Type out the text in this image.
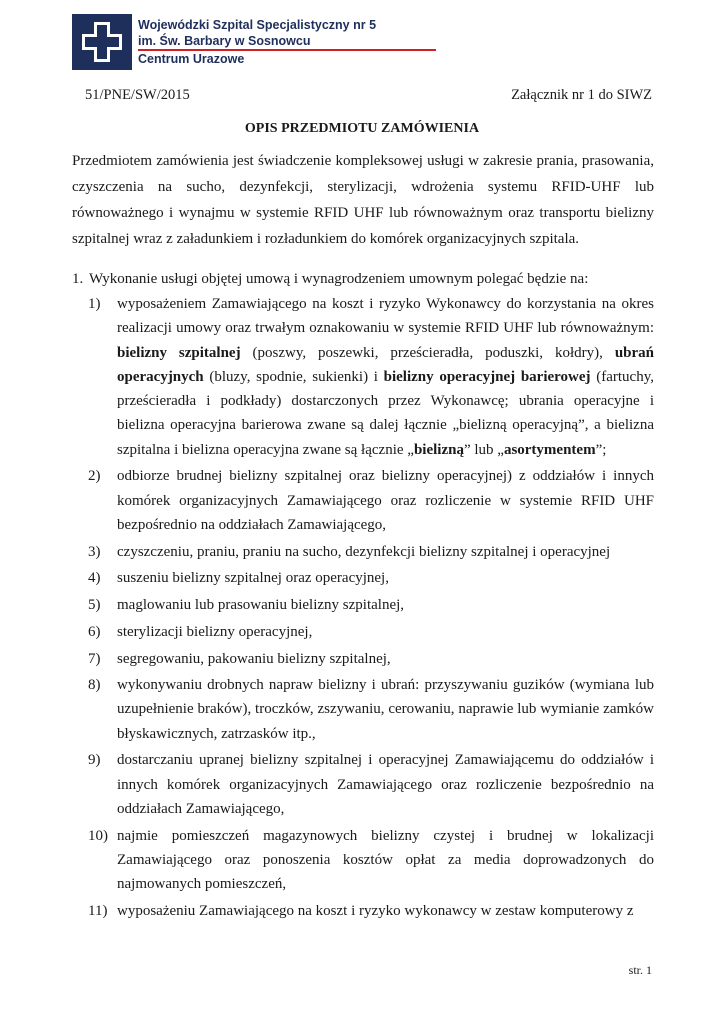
Wojewódzki Szpital Specjalistyczny nr 5
im. Św. Barbary w Sosnowcu
Centrum Urazowe
51/PNE/SW/2015	Załącznik nr 1 do SIWZ
OPIS PRZEDMIOTU ZAMÓWIENIA
Przedmiotem zamówienia jest świadczenie kompleksowej usługi w zakresie prania, prasowania, czyszczenia na sucho, dezynfekcji, sterylizacji, wdrożenia systemu RFID-UHF lub równoważnego i wynajmu w systemie RFID UHF lub równoważnym oraz transportu bielizny szpitalnej wraz z załadunkiem i rozładunkiem do komórek organizacyjnych szpitala.
1. Wykonanie usługi objętej umową i wynagrodzeniem umownym polegać będzie na:
1) wyposażeniem Zamawiającego na koszt i ryzyko Wykonawcy do korzystania na okres realizacji umowy oraz trwałym oznakowaniu w systemie RFID UHF lub równoważnym: bielizny szpitalnej (poszwy, poszewki, prześcieradła, poduszki, kołdry), ubrań operacyjnych (bluzy, spodnie, sukienki) i bielizny operacyjnej barierowej (fartuchy, prześcieradła i podkłady) dostarczonych przez Wykonawcę; ubrania operacyjne i bielizna operacyjna barierowa zwane są dalej łącznie „bielizną operacyjną”, a bielizna szpitalna i bielizna operacyjna zwane są łącznie „bielizną” lub „asortymentem”;
2) odbiorze brudnej bielizny szpitalnej oraz bielizny operacyjnej) z oddziałów i innych komórek organizacyjnych Zamawiającego oraz rozliczenie w systemie RFID UHF bezpośrednio na oddziałach Zamawiającego,
3) czyszczeniu, praniu, praniu na sucho, dezynfekcji bielizny szpitalnej i operacyjnej
4) suszeniu bielizny szpitalnej oraz operacyjnej,
5) maglowaniu lub prasowaniu bielizny szpitalnej,
6) sterylizacji bielizny operacyjnej,
7) segregowaniu, pakowaniu bielizny szpitalnej,
8) wykonywaniu drobnych napraw bielizny i ubrań: przyszywaniu guzików (wymiana lub uzupełnienie braków), troczków, zszywaniu, cerowaniu, naprawie lub wymianie zamków błyskawicznych, zatrzasków itp.,
9) dostarczaniu upranej bielizny szpitalnej i operacyjnej Zamawiającemu do oddziałów i innych komórek organizacyjnych Zamawiającego oraz rozliczenie bezpośrednio na oddziałach Zamawiającego,
10) najmie pomieszczeń magazynowych bielizny czystej i brudnej w lokalizacji Zamawiającego oraz ponoszenia kosztów opłat za media doprowadzonych do najmowanych pomieszczeń,
11) wyposażeniu Zamawiającego na koszt i ryzyko wykonawcy w zestaw komputerowy z
str. 1
